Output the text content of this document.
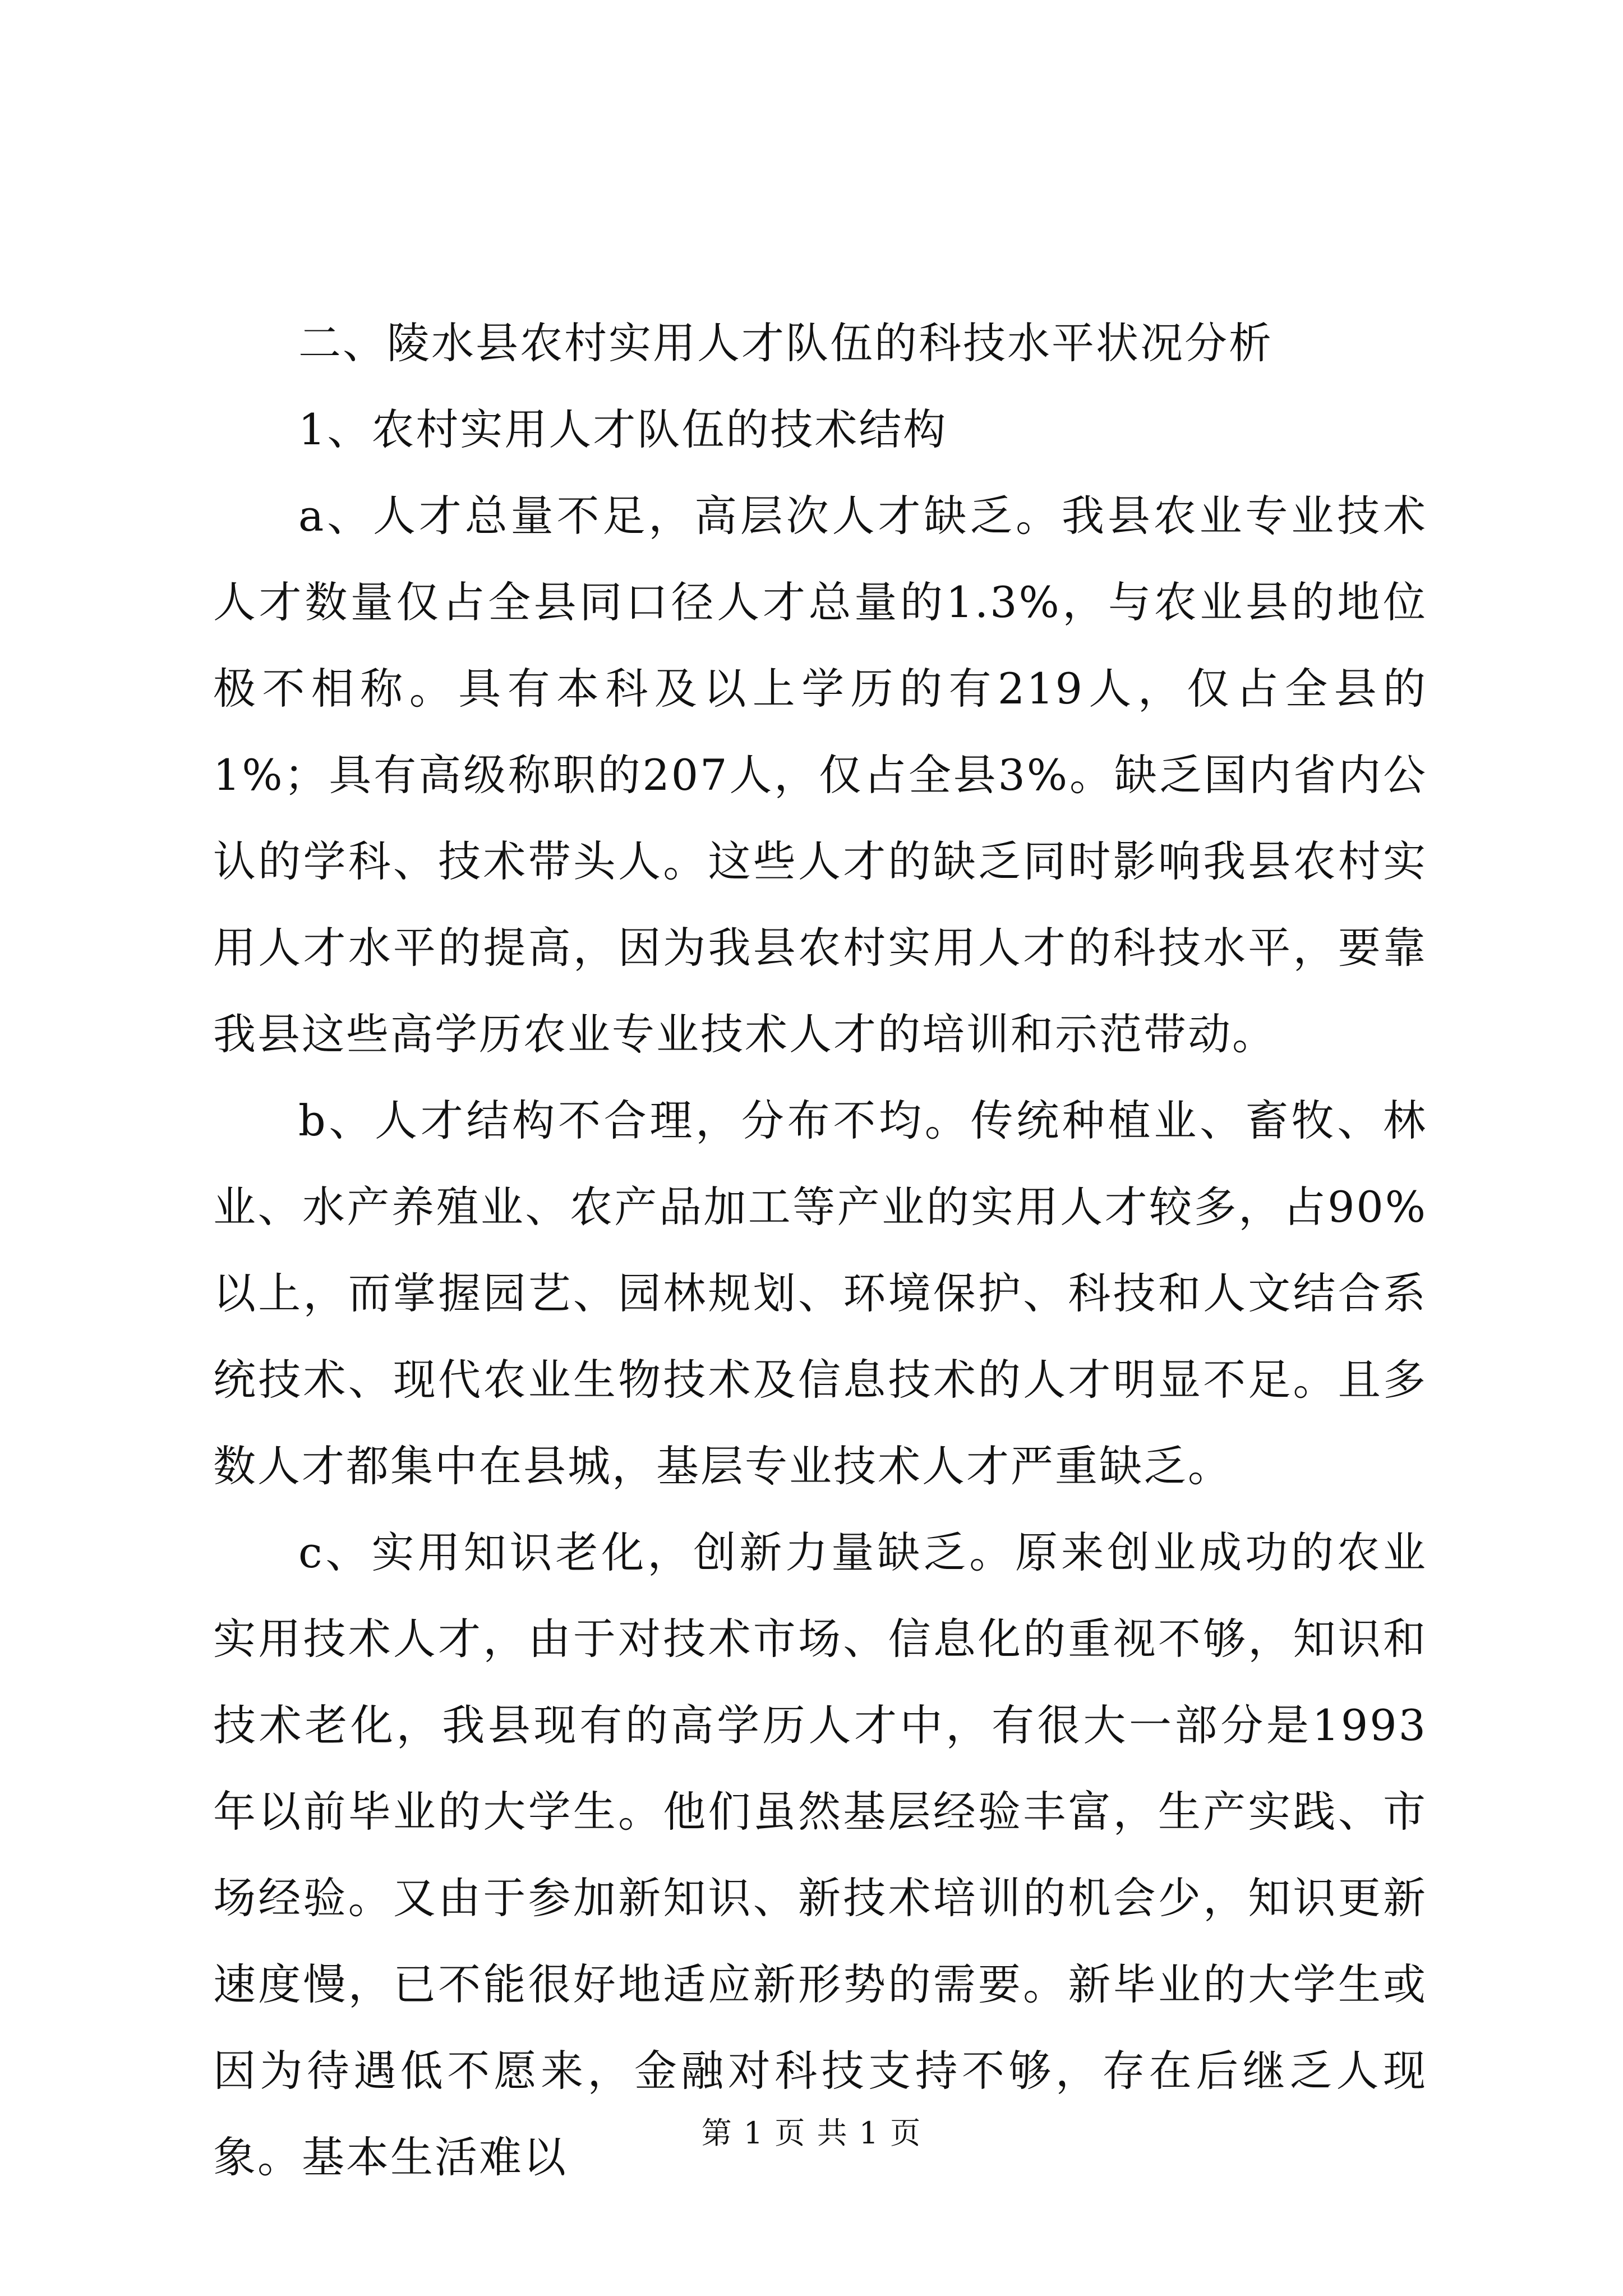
二、陵水县农村实用人才队伍的科技水平状况分析

1、农村实用人才队伍的技术结构

a、人才总量不足，高层次人才缺乏。我县农业专业技术人才数量仅占全县同口径人才总量的1.3%，与农业县的地位极不相称。具有本科及以上学历的有219人，仅占全县的1%；具有高级称职的207人，仅占全县3%。缺乏国内省内公认的学科、技术带头人。这些人才的缺乏同时影响我县农村实用人才水平的提高，因为我县农村实用人才的科技水平，要靠我县这些高学历农业专业技术人才的培训和示范带动。

b、人才结构不合理，分布不均。传统种植业、畜牧、林业、水产养殖业、农产品加工等产业的实用人才较多，占90%以上，而掌握园艺、园林规划、环境保护、科技和人文结合系统技术、现代农业生物技术及信息技术的人才明显不足。且多数人才都集中在县城，基层专业技术人才严重缺乏。

c、实用知识老化，创新力量缺乏。原来创业成功的农业实用技术人才，由于对技术市场、信息化的重视不够，知识和技术老化，我县现有的高学历人才中，有很大一部分是1993年以前毕业的大学生。他们虽然基层经验丰富，生产实践、市场经验。又由于参加新知识、新技术培训的机会少，知识更新速度慢，已不能很好地适应新形势的需要。新毕业的大学生或因为待遇低不愿来，金融对科技支持不够，存在后继乏人现象。基本生活难以	第 1 页 共 1 页
